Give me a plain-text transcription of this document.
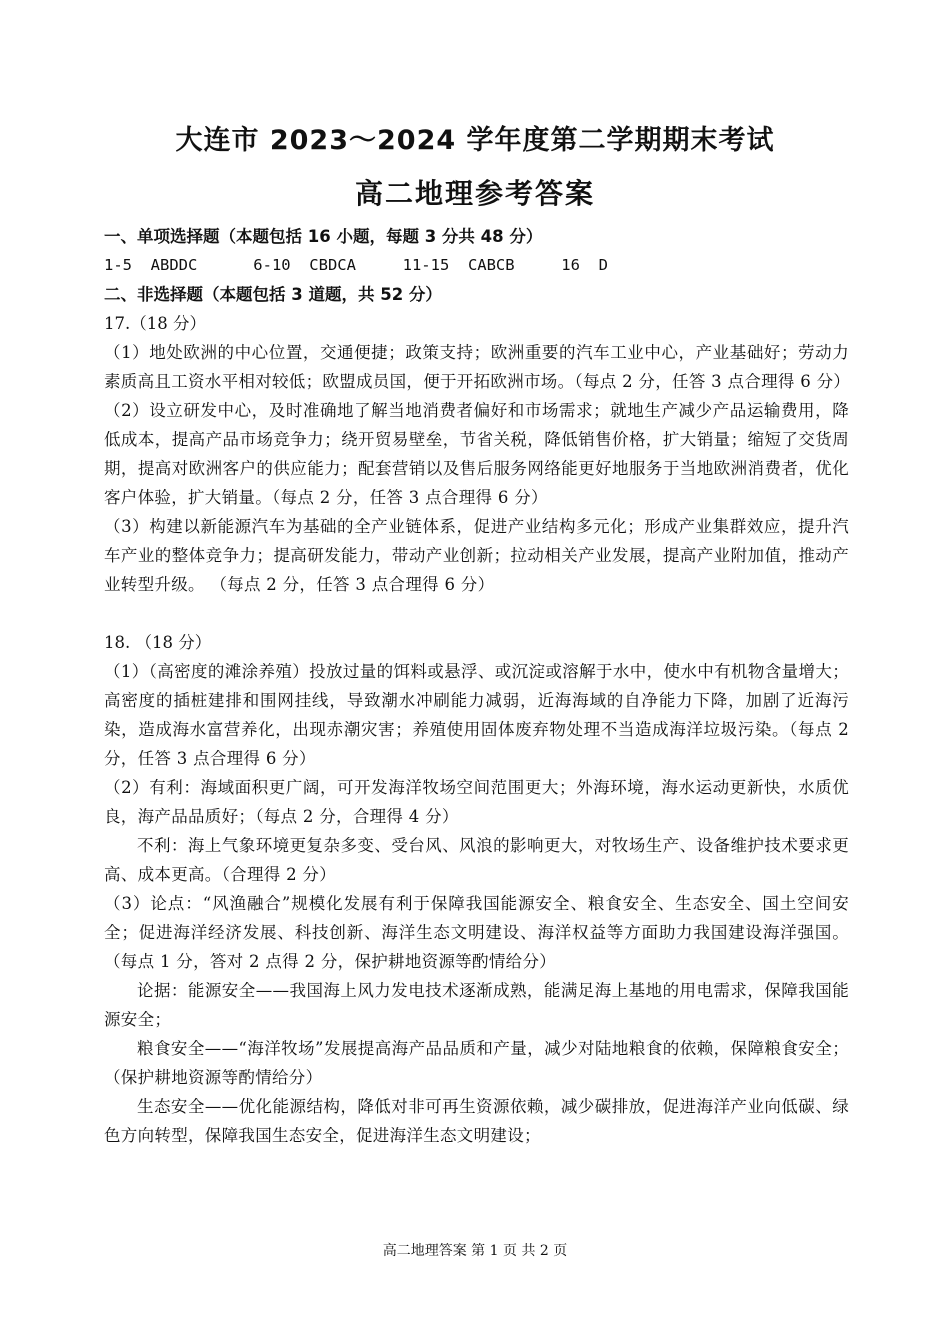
大连市 2023～2024 学年度第二学期期末考试
高二地理参考答案
一、单项选择题（本题包括 16 小题，每题 3 分共 48 分）
1-5  ABDDC      6-10  CBDCA     11-15  CABCB     16  D
二、非选择题（本题包括 3 道题，共 52 分）
17.（18 分）
（1）地处欧洲的中心位置，交通便捷；政策支持；欧洲重要的汽车工业中心，产业基础好；劳动力素质高且工资水平相对较低；欧盟成员国，便于开拓欧洲市场。（每点 2 分，任答 3 点合理得 6 分）
（2）设立研发中心，及时准确地了解当地消费者偏好和市场需求；就地生产减少产品运输费用，降低成本，提高产品市场竞争力；绕开贸易壁垒，节省关税，降低销售价格，扩大销量；缩短了交货周期，提高对欧洲客户的供应能力；配套营销以及售后服务网络能更好地服务于当地欧洲消费者，优化客户体验，扩大销量。（每点 2 分，任答 3 点合理得 6 分）
（3）构建以新能源汽车为基础的全产业链体系，促进产业结构多元化；形成产业集群效应，提升汽车产业的整体竞争力；提高研发能力，带动产业创新；拉动相关产业发展，提高产业附加值，推动产业转型升级。 （每点 2 分，任答 3 点合理得 6 分）
18. （18 分）
（1）（高密度的滩涂养殖）投放过量的饵料或悬浮、或沉淀或溶解于水中，使水中有机物含量增大；高密度的插桩建排和围网挂线，导致潮水冲刷能力减弱，近海海域的自净能力下降，加剧了近海污染，造成海水富营养化，出现赤潮灾害；养殖使用固体废弃物处理不当造成海洋垃圾污染。（每点 2 分，任答 3 点合理得 6 分）
（2）有利：海域面积更广阔，可开发海洋牧场空间范围更大；外海环境，海水运动更新快，水质优良，海产品品质好；（每点 2 分，合理得 4 分）
不利：海上气象环境更复杂多变、受台风、风浪的影响更大，对牧场生产、设备维护技术要求更高、成本更高。（合理得 2 分）
（3）论点：“风渔融合”规模化发展有利于保障我国能源安全、粮食安全、生态安全、国土空间安全；促进海洋经济发展、科技创新、海洋生态文明建设、海洋权益等方面助力我国建设海洋强国。（每点 1 分，答对 2 点得 2 分，保护耕地资源等酌情给分）
论据：能源安全——我国海上风力发电技术逐渐成熟，能满足海上基地的用电需求，保障我国能源安全；
粮食安全——“海洋牧场”发展提高海产品品质和产量，减少对陆地粮食的依赖，保障粮食安全；（保护耕地资源等酌情给分）
生态安全——优化能源结构，降低对非可再生资源依赖，减少碳排放，促进海洋产业向低碳、绿色方向转型，保障我国生态安全，促进海洋生态文明建设；
高二地理答案 第 1 页 共 2 页
